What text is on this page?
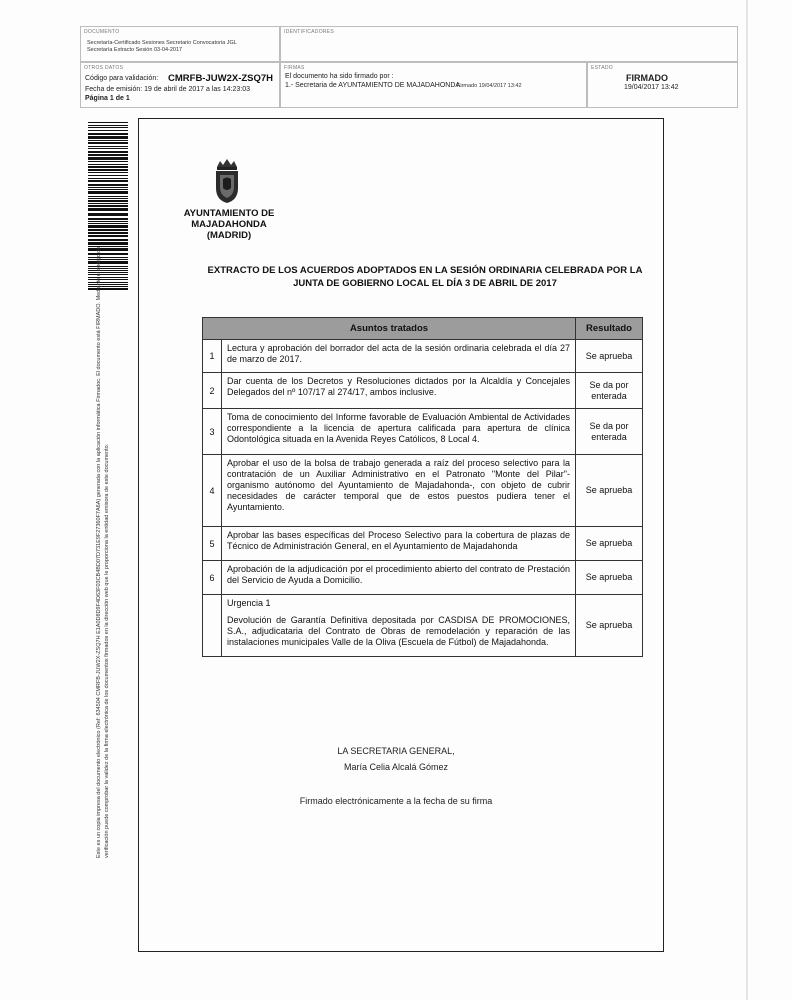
DOCUMENTO
Secretaría-Certificado Sesiones Secretario Convocatoria JGL
Secretaría Extracto Sesión 03-04-2017
IDENTIFICADORES
OTROS DATOS
Código para validación: CMRFB-JUW2X-ZSQ7H
Fecha de emisión: 19 de abril de 2017 a las 14:23:03
Página 1 de 1
FIRMAS
El documento ha sido firmado por :
1.- Secretaria de AYUNTAMIENTO DE MAJADAHONDA.
Firmado 19/04/2017 13:42
ESTADO
FIRMADO
19/04/2017 13:42
Este es un copia impresa del documento electrónico (Ref: 634504 CMRFB-JUW2X-ZSQ7H E1A0D8D9F4D63F03CB4BD07D731E9F27360F7A6A) generada con la aplicación informática Firmadoc. El documento está FIRMADO. Mediante el código de verificación puede comprobar la validez de la firma electrónica de los documentos firmados en la dirección web que le proporciona la entidad emisora de este documento.
AYUNTAMIENTO DE
MAJADAHONDA
(MADRID)
EXTRACTO DE LOS ACUERDOS ADOPTADOS EN LA SESIÓN ORDINARIA CELEBRADA POR LA
JUNTA DE GOBIERNO LOCAL EL DÍA 3 DE ABRIL DE 2017
Asuntos tratados		Resultado
1	Lectura y aprobación del borrador del acta de la sesión ordinaria celebrada el día 27 de marzo de 2017.	Se aprueba
2	Dar cuenta de los Decretos y Resoluciones dictados por la Alcaldía y Concejales Delegados del nº 107/17 al 274/17, ambos inclusive.	Se da por enterada
3	Toma de conocimiento del Informe favorable de Evaluación Ambiental de Actividades correspondiente a la licencia de apertura calificada para apertura de clínica Odontológica situada en la Avenida Reyes Católicos, 8 Local 4.	Se da por enterada
4	Aprobar el uso de la bolsa de trabajo generada a raíz del proceso selectivo para la contratación de un Auxiliar Administrativo en el Patronato "Monte del Pilar"- organismo autónomo del Ayuntamiento de Majadahonda-, con objeto de cubrir necesidades de carácter temporal que de estos puestos pudiera tener el Ayuntamiento.	Se aprueba
5	Aprobar las bases específicas del Proceso Selectivo para la cobertura de plazas de Técnico de Administración General, en el Ayuntamiento de Majadahonda	Se aprueba
6	Aprobación de la adjudicación por el procedimiento abierto del contrato de Prestación del Servicio de Ayuda a Domicilio.	Se aprueba

	Urgencia 1
Devolución de Garantía Definitiva depositada por CASDISA DE PROMOCIONES, S.A., adjudicataria del Contrato de Obras de remodelación y reparación de las instalaciones municipales Valle de la Oliva (Escuela de Fútbol) de Majadahonda.	Se aprueba
LA SECRETARIA GENERAL,
María Celia Alcalá Gómez
Firmado electrónicamente a la fecha de su firma
